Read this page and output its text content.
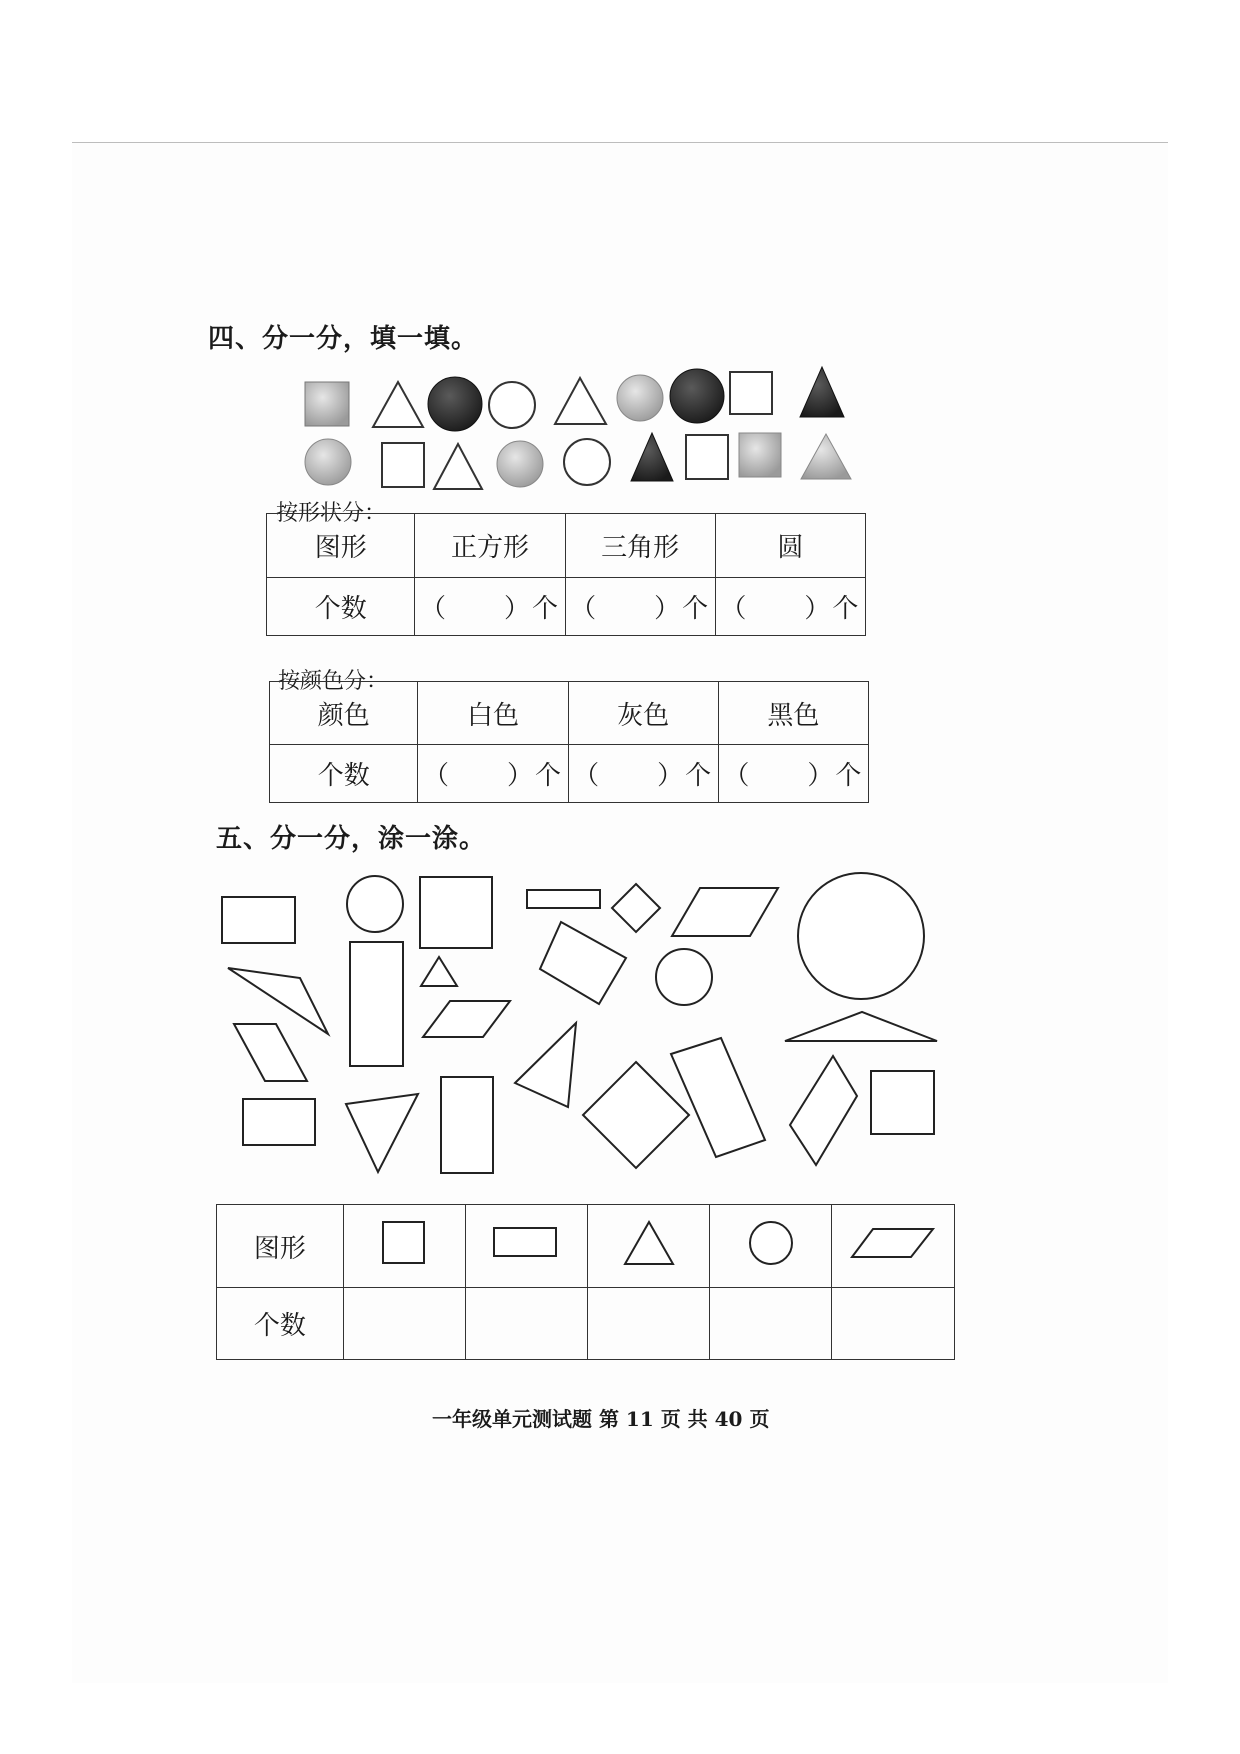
四、分一分，填一填。
按形状分：
图形	正方形	三角形	圆
个数	（　　）个	（　　）个	（　　）个
按颜色分：
颜色	白色	灰色	黑色
个数	（　　）个	（　　）个	（　　）个
五、分一分，涂一涂。
图形					
个数					
一年级单元测试题 第 11 页 共 40 页
